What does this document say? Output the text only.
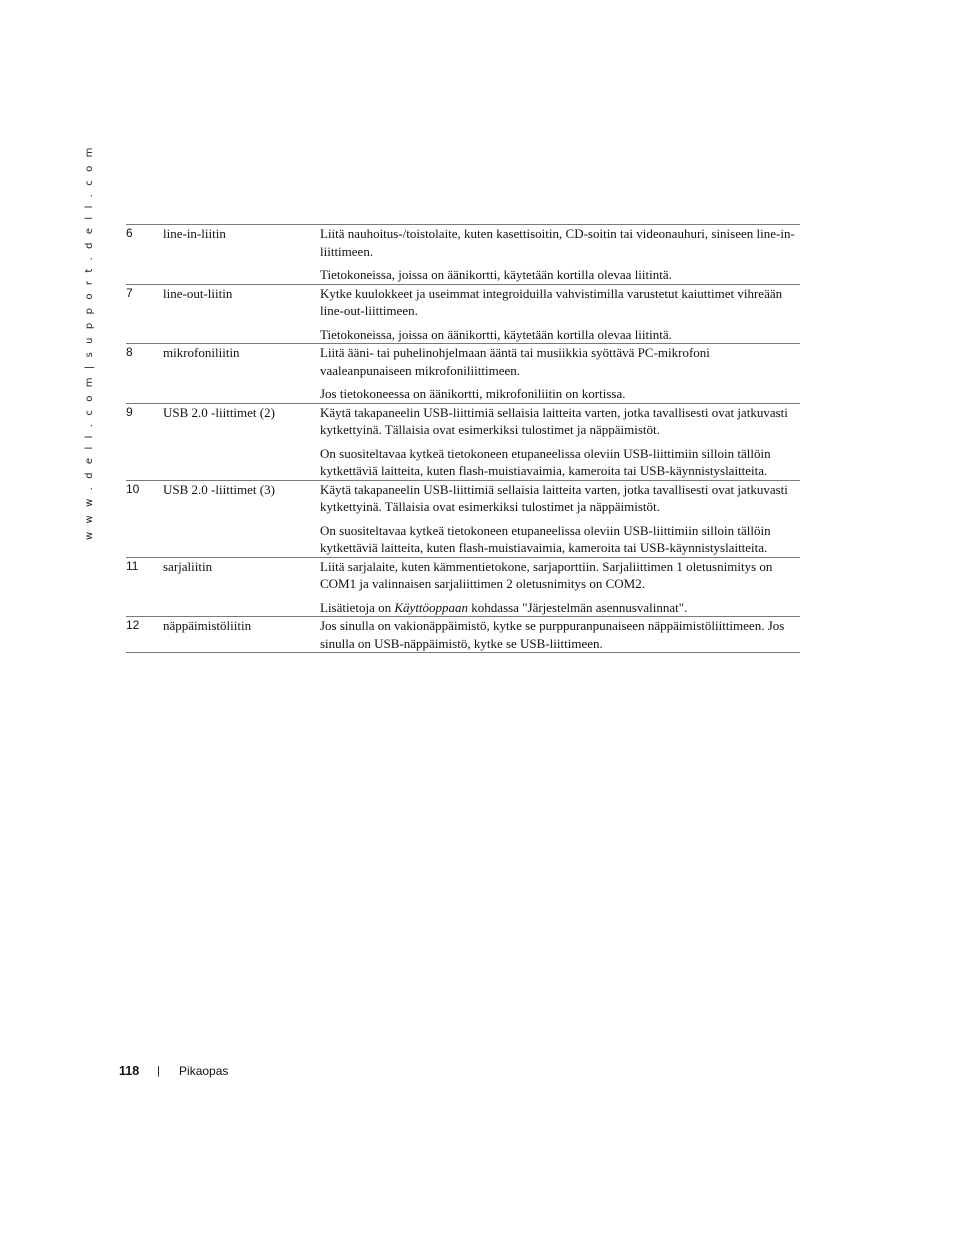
w w w . d e l l . c o m | s u p p o r t . d e l l . c o m	6	line-in-liitin	Liitä nauhoitus-/toistolaite, kuten kasettisoitin, CD-soitin tai videonauhuri, siniseen line-in-liittimeen.

Tietokoneissa, joissa on äänikortti, käytetään kortilla olevaa liitintä.

7	line-out-liitin	Kytke kuulokkeet ja useimmat integroiduilla vahvistimilla varustetut kaiuttimet vihreään line-out-liittimeen.

Tietokoneissa, joissa on äänikortti, käytetään kortilla olevaa liitintä.

8	mikrofoniliitin	Liitä ääni- tai puhelinohjelmaan ääntä tai musiikkia syöttävä PC-mikrofoni vaaleanpunaiseen mikrofoniliittimeen.

Jos tietokoneessa on äänikortti, mikrofoniliitin on kortissa.

9	USB 2.0 -liittimet (2)	Käytä takapaneelin USB-liittimiä sellaisia laitteita varten, jotka tavallisesti ovat jatkuvasti kytkettyinä. Tällaisia ovat esimerkiksi tulostimet ja näppäimistöt.

On suositeltavaa kytkeä tietokoneen etupaneelissa oleviin USB-liittimiin silloin tällöin kytkettäviä laitteita, kuten flash-muistiavaimia, kameroita tai USB-käynnistyslaitteita.

10	USB 2.0 -liittimet (3)	Käytä takapaneelin USB-liittimiä sellaisia laitteita varten, jotka tavallisesti ovat jatkuvasti kytkettyinä. Tällaisia ovat esimerkiksi tulostimet ja näppäimistöt.

On suositeltavaa kytkeä tietokoneen etupaneelissa oleviin USB-liittimiin silloin tällöin kytkettäviä laitteita, kuten flash-muistiavaimia, kameroita tai USB-käynnistyslaitteita.

11	sarjaliitin	Liitä sarjalaite, kuten kämmentietokone, sarjaporttiin. Sarjaliittimen 1 oletusnimitys on COM1 ja valinnaisen sarjaliittimen 2 oletusnimitys on COM2.

Lisätietoja on Käyttöoppaan kohdassa "Järjestelmän asennusvalinnat".

12	näppäimistöliitin	Jos sinulla on vakionäppäimistö, kytke se purppuranpunaiseen näppäimistöliittimeen. Jos sinulla on USB-näppäimistö, kytke se USB-liittimeen.

118 | Pikaopas
